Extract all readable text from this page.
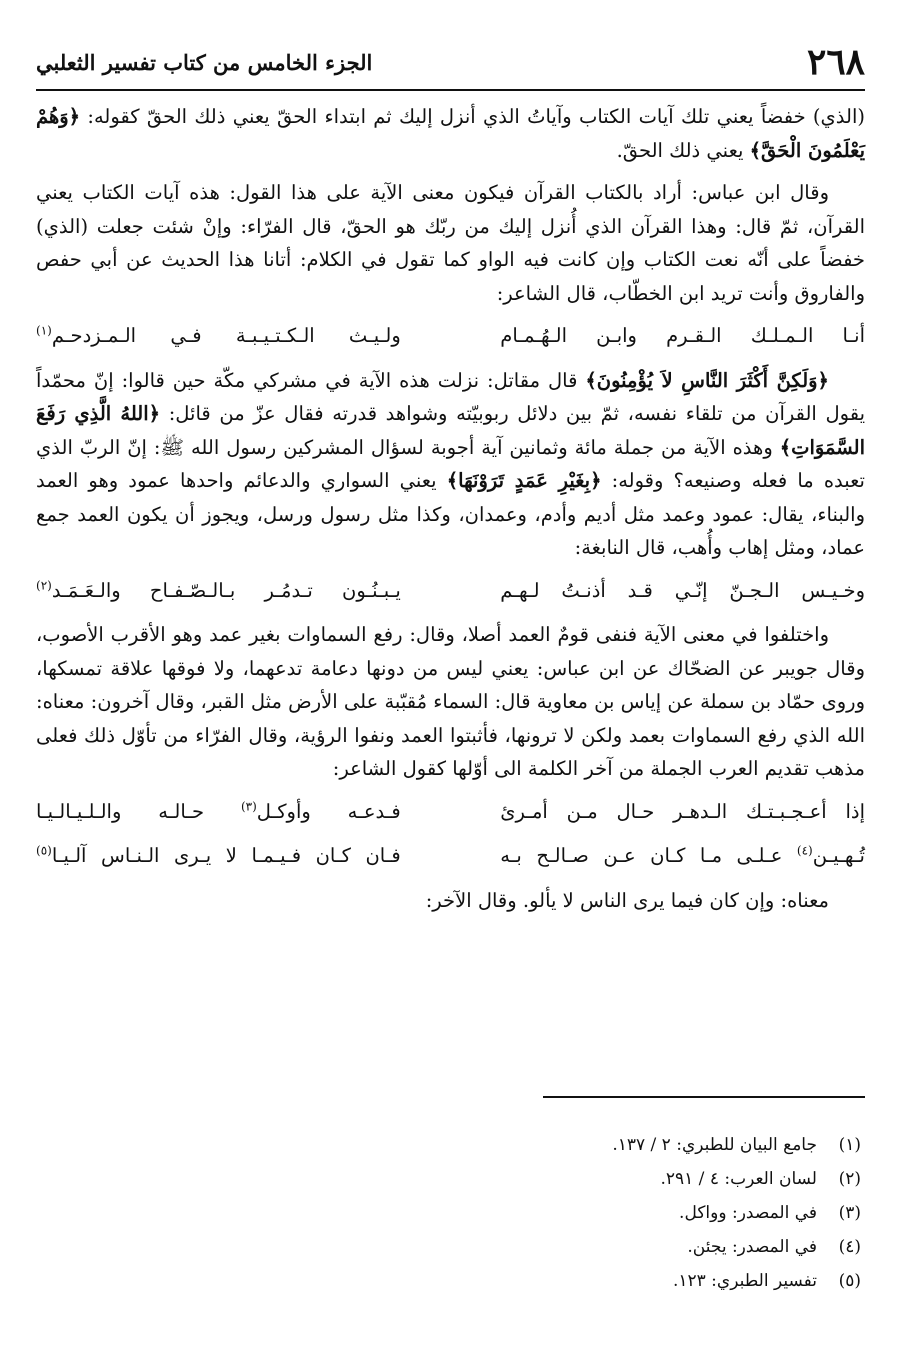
٢٦٨
الجزء الخامس من كتاب تفسير الثعلبي

(الذي) خفضاً يعني تلك آيات الكتاب وآياتُ الذي أنزل إليك ثم ابتداء الحقّ يعني ذلك الحقّ كقوله: ﴿وَهُمْ يَعْلَمُونَ الْحَقَّ﴾ يعني ذلك الحقّ.

وقال ابن عباس: أراد بالكتاب القرآن فيكون معنى الآية على هذا القول: هذه آيات الكتاب يعني القرآن، ثمّ قال: وهذا القرآن الذي أُنزل إليك من ربّك هو الحقّ، قال الفرّاء: وإنْ شئت جعلت (الذي) خفضاً على أنّه نعت الكتاب وإن كانت فيه الواو كما تقول في الكلام: أتانا هذا الحديث عن أبي حفص والفاروق وأنت تريد ابن الخطّاب، قال الشاعر:

أنـا الـمـلـك الـقـرم وابـن الـهُـمـام
ولـيـث الـكـتـيـبـة فـي الـمـزدحـم$^{(١)}$

﴿وَلَكِنَّ أَكْثَرَ النَّاسِ لاَ يُؤْمِنُونَ﴾ قال مقاتل: نزلت هذه الآية في مشركي مكّة حين قالوا: إنّ محمّداً يقول القرآن من تلقاء نفسه، ثمّ بين دلائل ربوبيّته وشواهد قدرته فقال عزّ من قائل: ﴿اللهُ الَّذِي رَفَعَ السَّمَوَاتِ﴾ وهذه الآية من جملة مائة وثمانين آية أجوبة لسؤال المشركين رسول الله ﷺ: إنّ الربّ الذي تعبده ما فعله وصنيعه؟ وقوله: ﴿بِغَيْرِ عَمَدٍ تَرَوْنَهَا﴾ يعني السواري والدعائم واحدها عمود وهو العمد والبناء، يقال: عمود وعمد مثل أديم وأدم، وعمدان، وكذا مثل رسول ورسل، ويجوز أن يكون العمد جمع عماد، ومثل إهاب وأُهب، قال النابغة:

وخـيـس الـجـنّ إنّـي قـد أذنـتُ لـهـم
يـبـنُـون تـدمُـر بـالـصّـفـاح والـعَـمَـد$^{(٢)}$

واختلفوا في معنى الآية فنفى قومٌ العمد أصلا، وقال: رفع السماوات بغير عمد وهو الأقرب الأصوب، وقال جويبر عن الضحّاك عن ابن عباس: يعني ليس من دونها دعامة تدعهما، ولا فوقها علاقة تمسكها، وروى حمّاد بن سملة عن إياس بن معاوية قال: السماء مُقبّبة على الأرض مثل القبر، وقال آخرون: معناه: الله الذي رفع السماوات بعمد ولكن لا ترونها، فأثبتوا العمد ونفوا الرؤية، وقال الفرّاء من تأوّل ذلك فعلى مذهب تقديم العرب الجملة من آخر الكلمة الى أوّلها كقول الشاعر:

إذا أعـجـبـتـك الـدهـر حـال مـن أمـرئ
فـدعـه وأوكـل$^{(٣)}$ حـالـه والـلـيـالـيـا
تُـهـيـن$^{(٤)}$ عـلـى مـا كـان عـن صـالـح بـه
فـان كـان فـيـمـا لا يـرى الـنـاس آلـيـا$^{(٥)}$

معناه: وإن كان فيما يرى الناس لا يألو. وقال الآخر:

(١)
جامع البيان للطبري: ٢ / ١٣٧.
(٢)
لسان العرب: ٤ / ٢٩١.
(٣)
في المصدر: وواكل.
(٤)
في المصدر: يجئن.
(٥)
تفسير الطبري: ١٢٣.
